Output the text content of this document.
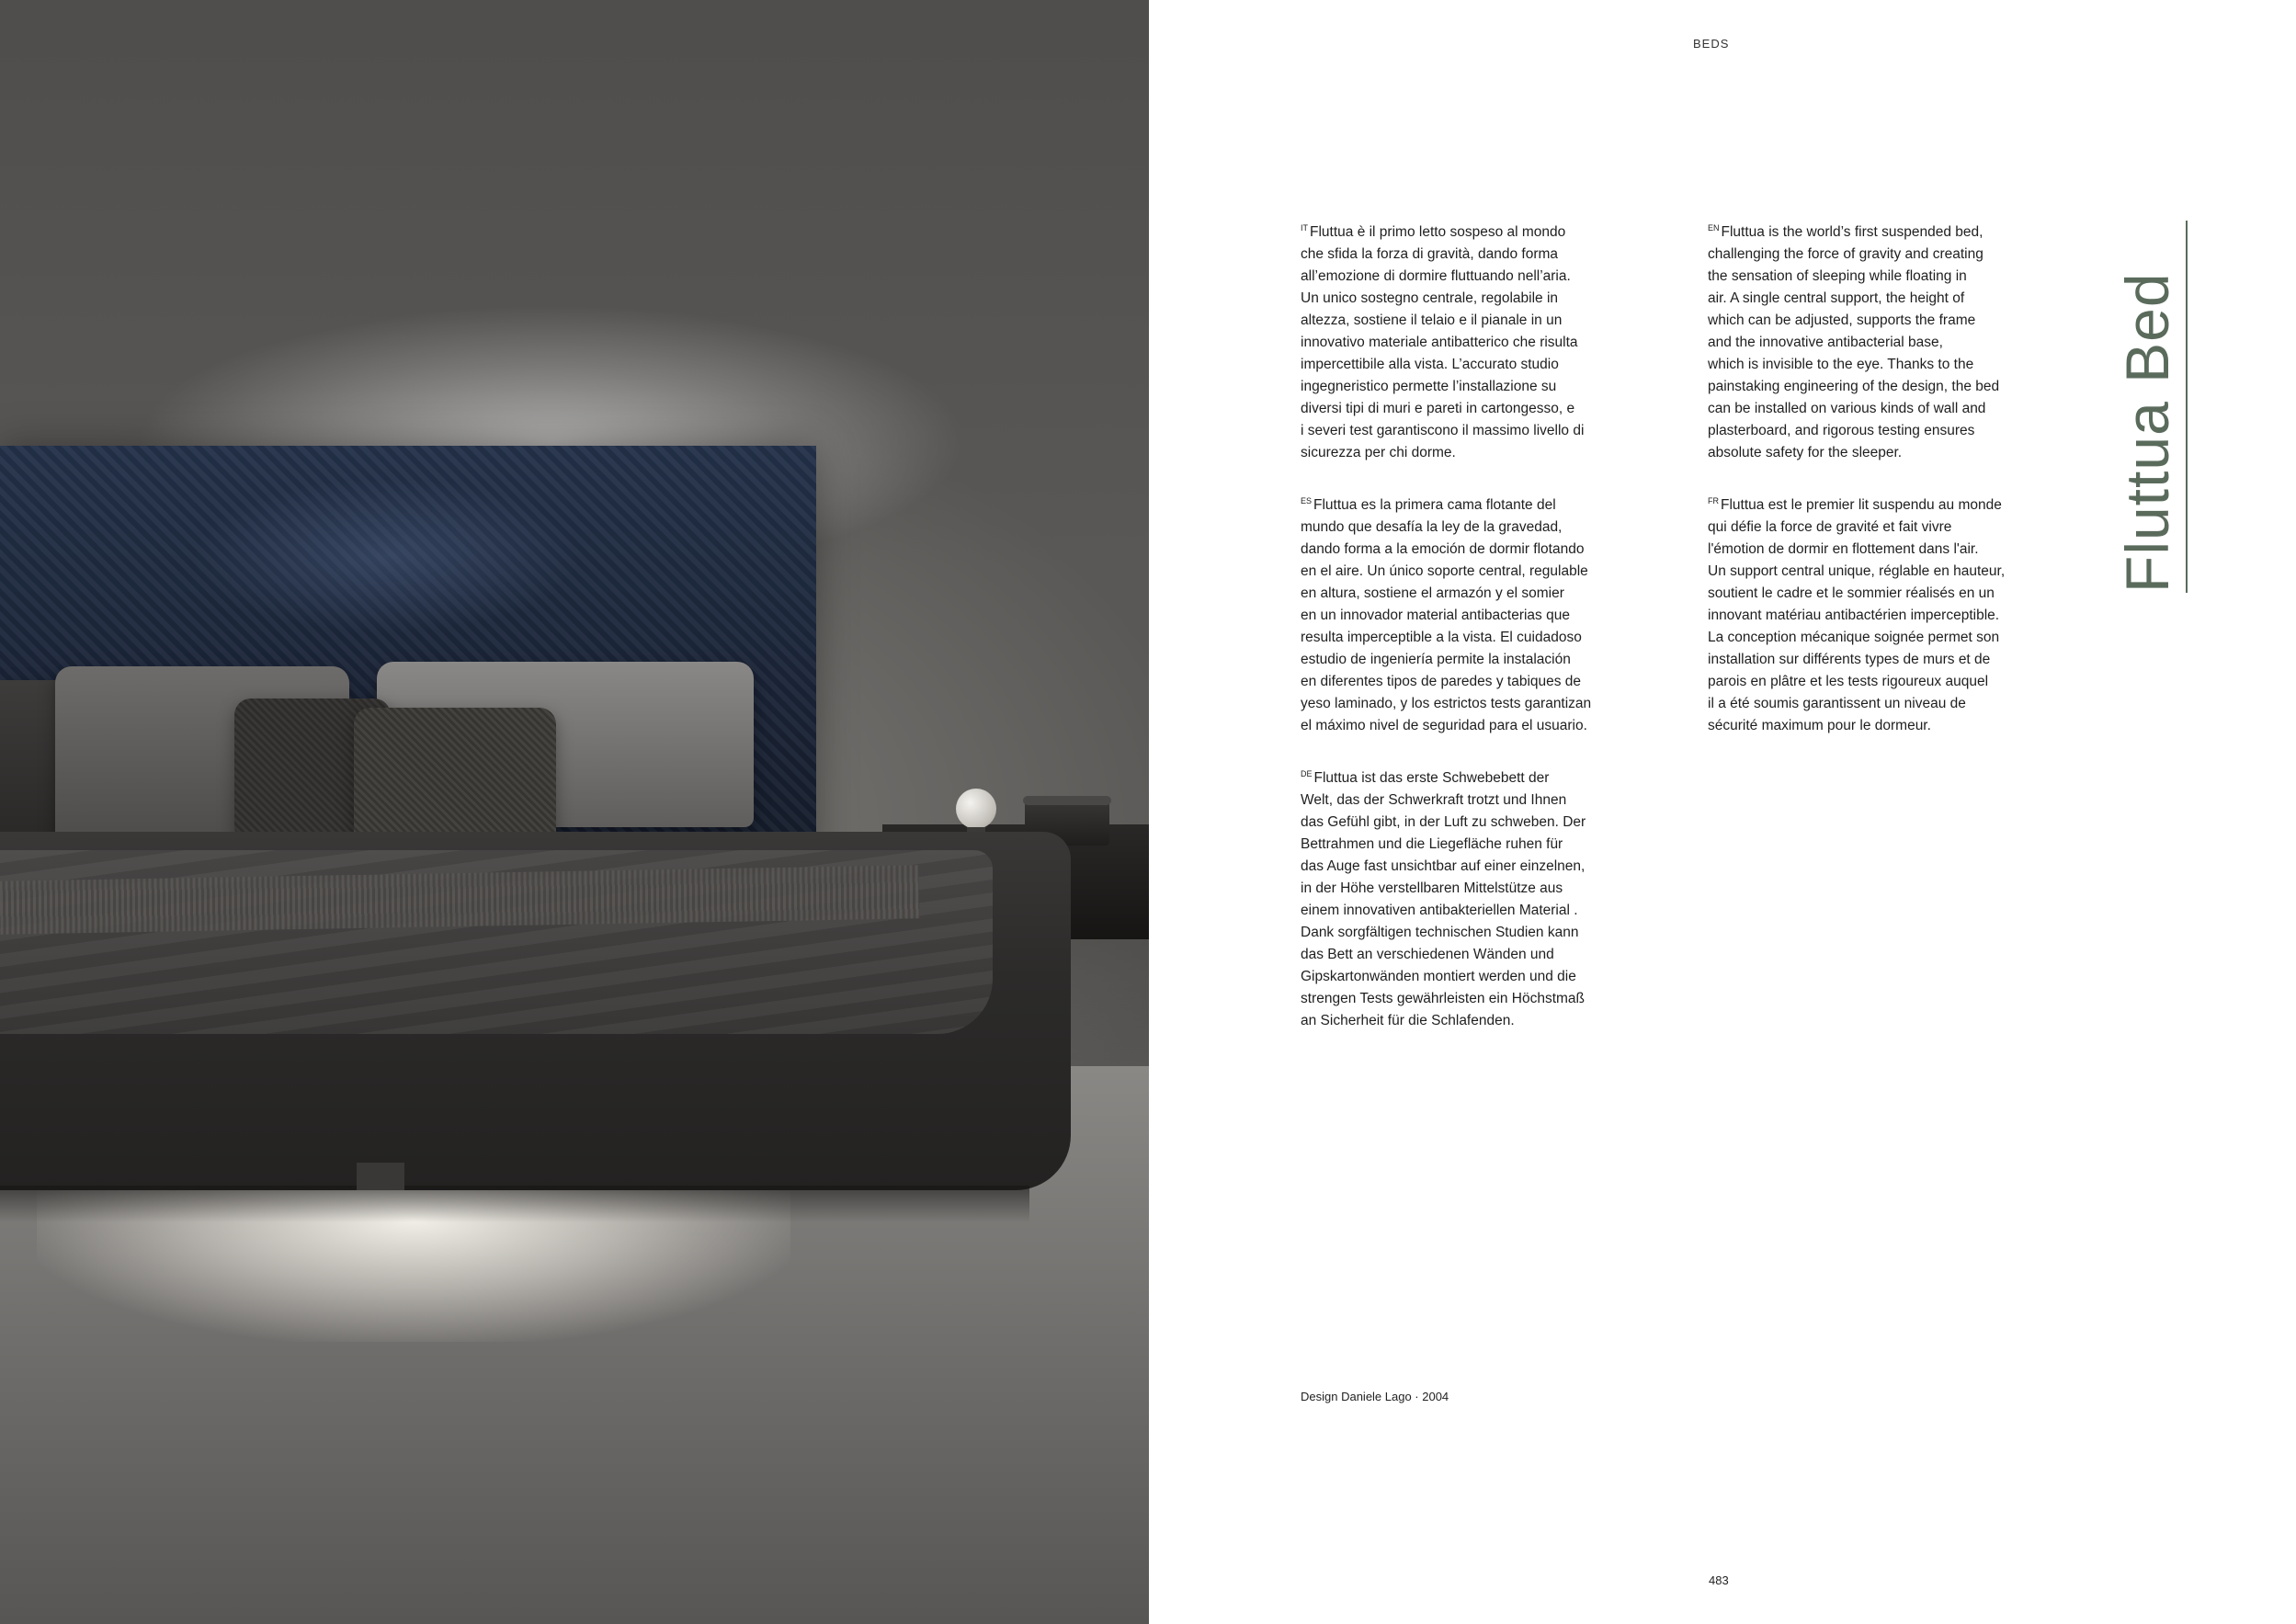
BEDS
$^{IT}$ Fluttua è il primo letto sospeso al mondo
che sfida la forza di gravità, dando forma
all’emozione di dormire fluttuando nell’aria.
Un unico sostegno centrale, regolabile in
altezza, sostiene il telaio e il pianale in un
innovativo materiale antibatterico che risulta
impercettibile alla vista. L’accurato studio
ingegneristico permette l’installazione su
diversi tipi di muri e pareti in cartongesso, e
i severi test garantiscono il massimo livello di
sicurezza per chi dorme.
$^{EN}$ Fluttua is the world’s first suspended bed,
challenging the force of gravity and creating
the sensation of sleeping while floating in
air. A single central support, the height of
which can be adjusted, supports the frame
and the innovative antibacterial base,
which is invisible to the eye. Thanks to the
painstaking engineering of the design, the bed
can be installed on various kinds of wall and
plasterboard, and rigorous testing ensures
absolute safety for the sleeper.
$^{ES}$ Fluttua es la primera cama flotante del
mundo que desafía la ley de la gravedad,
dando forma a la emoción de dormir flotando
en el aire. Un único soporte central, regulable
en altura, sostiene el armazón y el somier
en un innovador material antibacterias que
resulta imperceptible a la vista. El cuidadoso
estudio de ingeniería permite la instalación
en diferentes tipos de paredes y tabiques de
yeso laminado, y los estrictos tests garantizan
el máximo nivel de seguridad para el usuario.
$^{FR}$ Fluttua est le premier lit suspendu au monde
qui défie la force de gravité et fait vivre
l'émotion de dormir en flottement dans l'air.
Un support central unique, réglable en hauteur,
soutient le cadre et le sommier réalisés en un
innovant matériau antibactérien imperceptible.
La conception mécanique soignée permet son
installation sur différents types de murs et de
parois en plâtre et les tests rigoureux auquel
il a été soumis garantissent un niveau de
sécurité maximum pour le dormeur.
$^{DE}$ Fluttua ist das erste Schwebebett der
Welt, das der Schwerkraft trotzt und Ihnen
das Gefühl gibt, in der Luft zu schweben. Der
Bettrahmen und die Liegefläche ruhen für
das Auge fast unsichtbar auf einer einzelnen,
in der Höhe verstellbaren Mittelstütze aus
einem innovativen antibakteriellen Material .
Dank sorgfältigen technischen Studien kann
das Bett an verschiedenen Wänden und
Gipskartonwänden montiert werden und die
strengen Tests gewährleisten ein Höchstmaß
an Sicherheit für die Schlafenden.
Fluttua Bed
Design Daniele Lago · 2004
483
